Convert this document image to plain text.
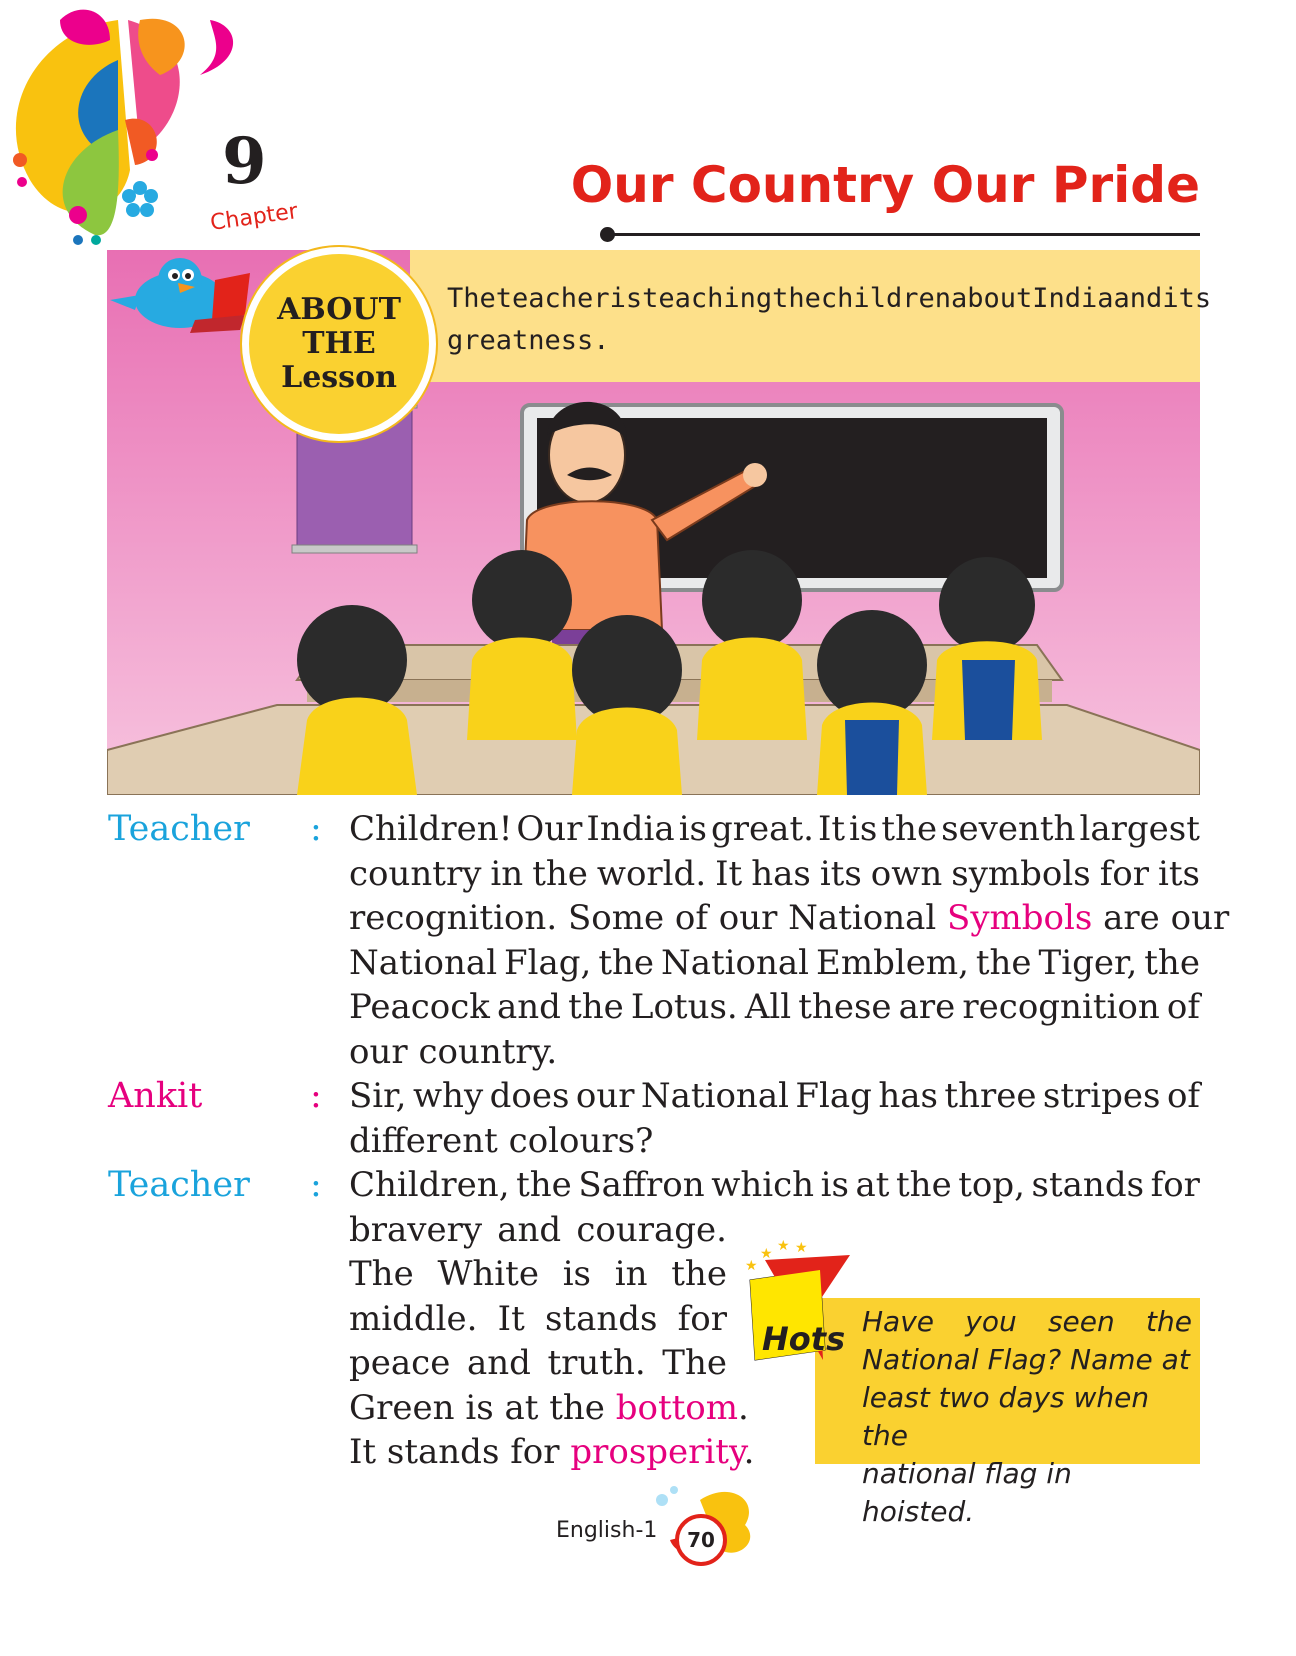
9
Chapter
Our Country Our Pride
ABOUT
THE
Lesson
The teacher is teaching the children about India and its
greatness.
Teacher : Children! Our India is great. It is the seventh largest
country in the world. It has its own symbols for its
recognition. Some of our National Symbols are our
National Flag, the National Emblem, the Tiger, the
Peacock and the Lotus. All these are recognition of
our country.
Ankit	: Sir, why does our National Flag has three stripes of
different colours?
Teacher : Children, the Saffron which is at the top, stands for
bravery and courage.
The White is in the
middle. It stands for
peace and truth. The
Green is at the bottom.
It stands for prosperity.
★
★ ★ ★
Hots Have you seen the
National Flag? Name at
least two days when the
national flag in hoisted.
English-1	70
